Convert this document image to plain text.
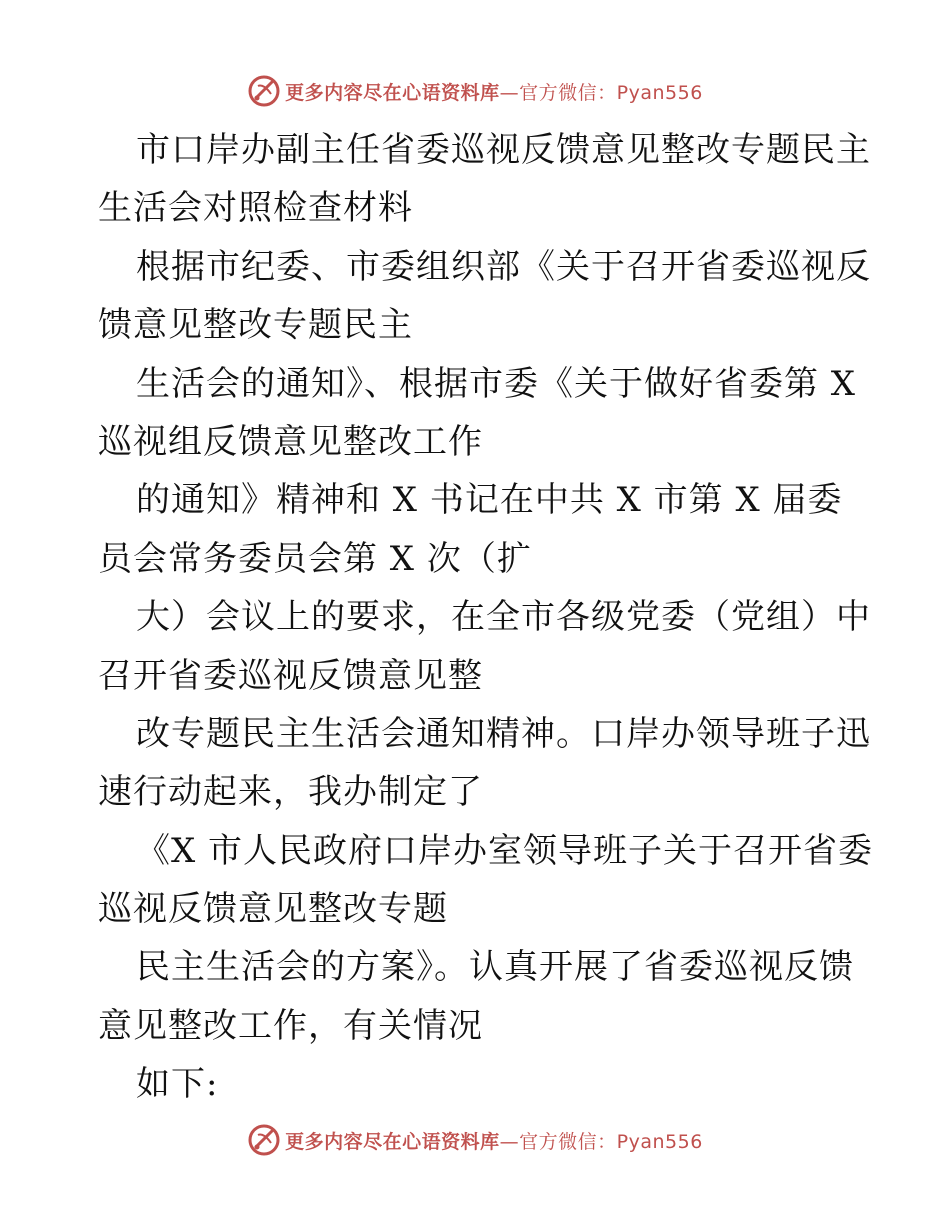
更多内容尽在心语资料库—官方微信：Pyan556
市口岸办副主任省委巡视反馈意见整改专题民主
生活会对照检查材料
根据市纪委、市委组织部《关于召开省委巡视反
馈意见整改专题民主
生活会的通知》、根据市委《关于做好省委第 X
巡视组反馈意见整改工作
的通知》精神和 X 书记在中共 X 市第 X 届委
员会常务委员会第 X 次（扩
大）会议上的要求，在全市各级党委（党组）中
召开省委巡视反馈意见整
改专题民主生活会通知精神。口岸办领导班子迅
速行动起来，我办制定了
《X 市人民政府口岸办室领导班子关于召开省委
巡视反馈意见整改专题
民主生活会的方案》。认真开展了省委巡视反馈
意见整改工作，有关情况
如下:
更多内容尽在心语资料库—官方微信：Pyan556
